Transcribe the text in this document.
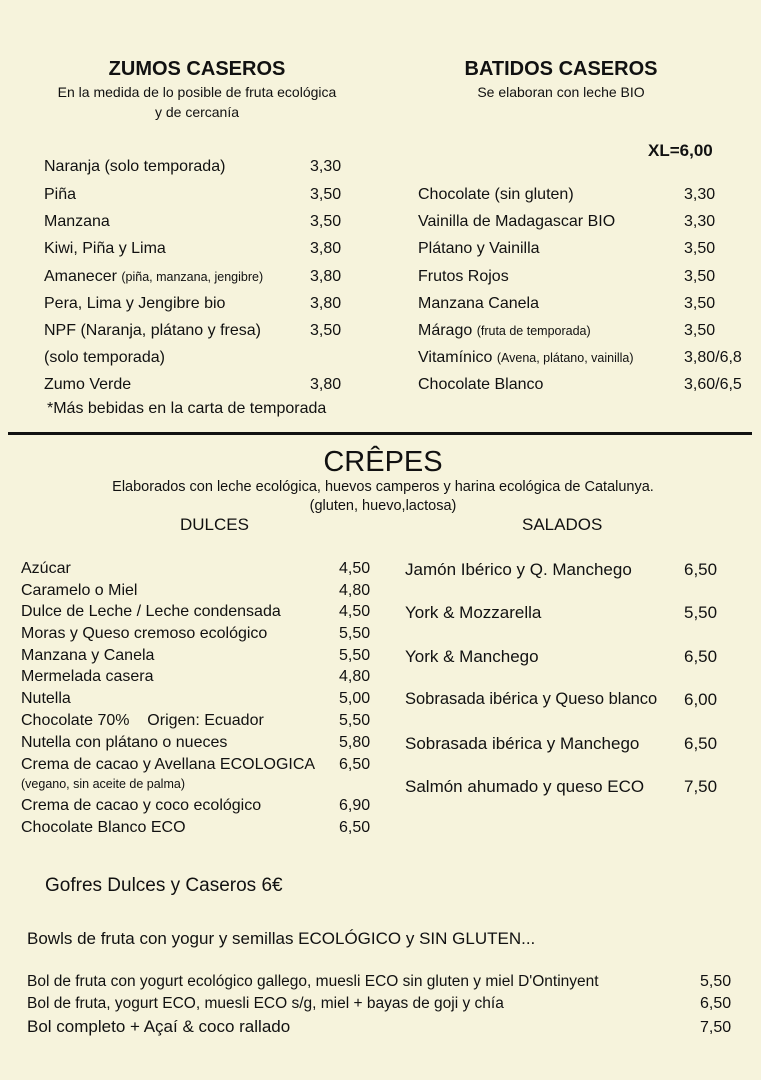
ZUMOS CASEROS
En la medida de lo posible de fruta ecológica
y de cercanía
BATIDOS CASEROS
Se elaboran con leche BIO
XL=6,00
Naranja (solo temporada)	3,30
Piña	3,50
Manzana	3,50
Kiwi, Piña y Lima	3,80
Amanecer (piña, manzana, jengibre)	3,80
Pera, Lima y Jengibre bio	3,80
NPF (Naranja, plátano y fresa)	3,50
(solo temporada)
Zumo Verde	3,80
*Más bebidas en la carta de temporada
Chocolate (sin gluten)	3,30
Vainilla de Madagascar BIO	3,30
Plátano y Vainilla	3,50
Frutos Rojos	3,50
Manzana Canela	3,50
Márago (fruta de temporada)	3,50
Vitamínico (Avena, plátano, vainilla)	3,80/6,8
Chocolate Blanco	3,60/6,5
CRÊPES
Elaborados con leche ecológica, huevos camperos y harina ecológica de Catalunya.
(gluten, huevo,lactosa)
DULCES	SALADOS
Azúcar	4,50
Caramelo o Miel	4,80
Dulce de Leche / Leche condensada	4,50
Moras y Queso cremoso ecológico	5,50
Manzana y Canela	5,50
Mermelada casera	4,80
Nutella	5,00
Chocolate 70%    Origen: Ecuador	5,50
Nutella con plátano o nueces	5,80
Crema de cacao y Avellana ECOLOGICA 6,50
(vegano, sin aceite de palma)
Crema de cacao y coco ecológico	6,90
Chocolate Blanco ECO	6,50
Jamón Ibérico y Q. Manchego	6,50
York & Mozzarella	5,50
York & Manchego	6,50
Sobrasada ibérica y Queso blanco 6,00
Sobrasada ibérica y Manchego	6,50
Salmón ahumado y queso ECO 7,50
Gofres Dulces y Caseros 6€
Bowls de fruta con yogur y semillas ECOLÓGICO y SIN GLUTEN...
Bol de fruta con yogurt ecológico gallego, muesli ECO sin gluten y miel D'Ontinyent	5,50
Bol de fruta, yogurt ECO, muesli ECO s/g, miel + bayas de goji y chía	6,50
Bol completo + Açaí & coco rallado	7,50
